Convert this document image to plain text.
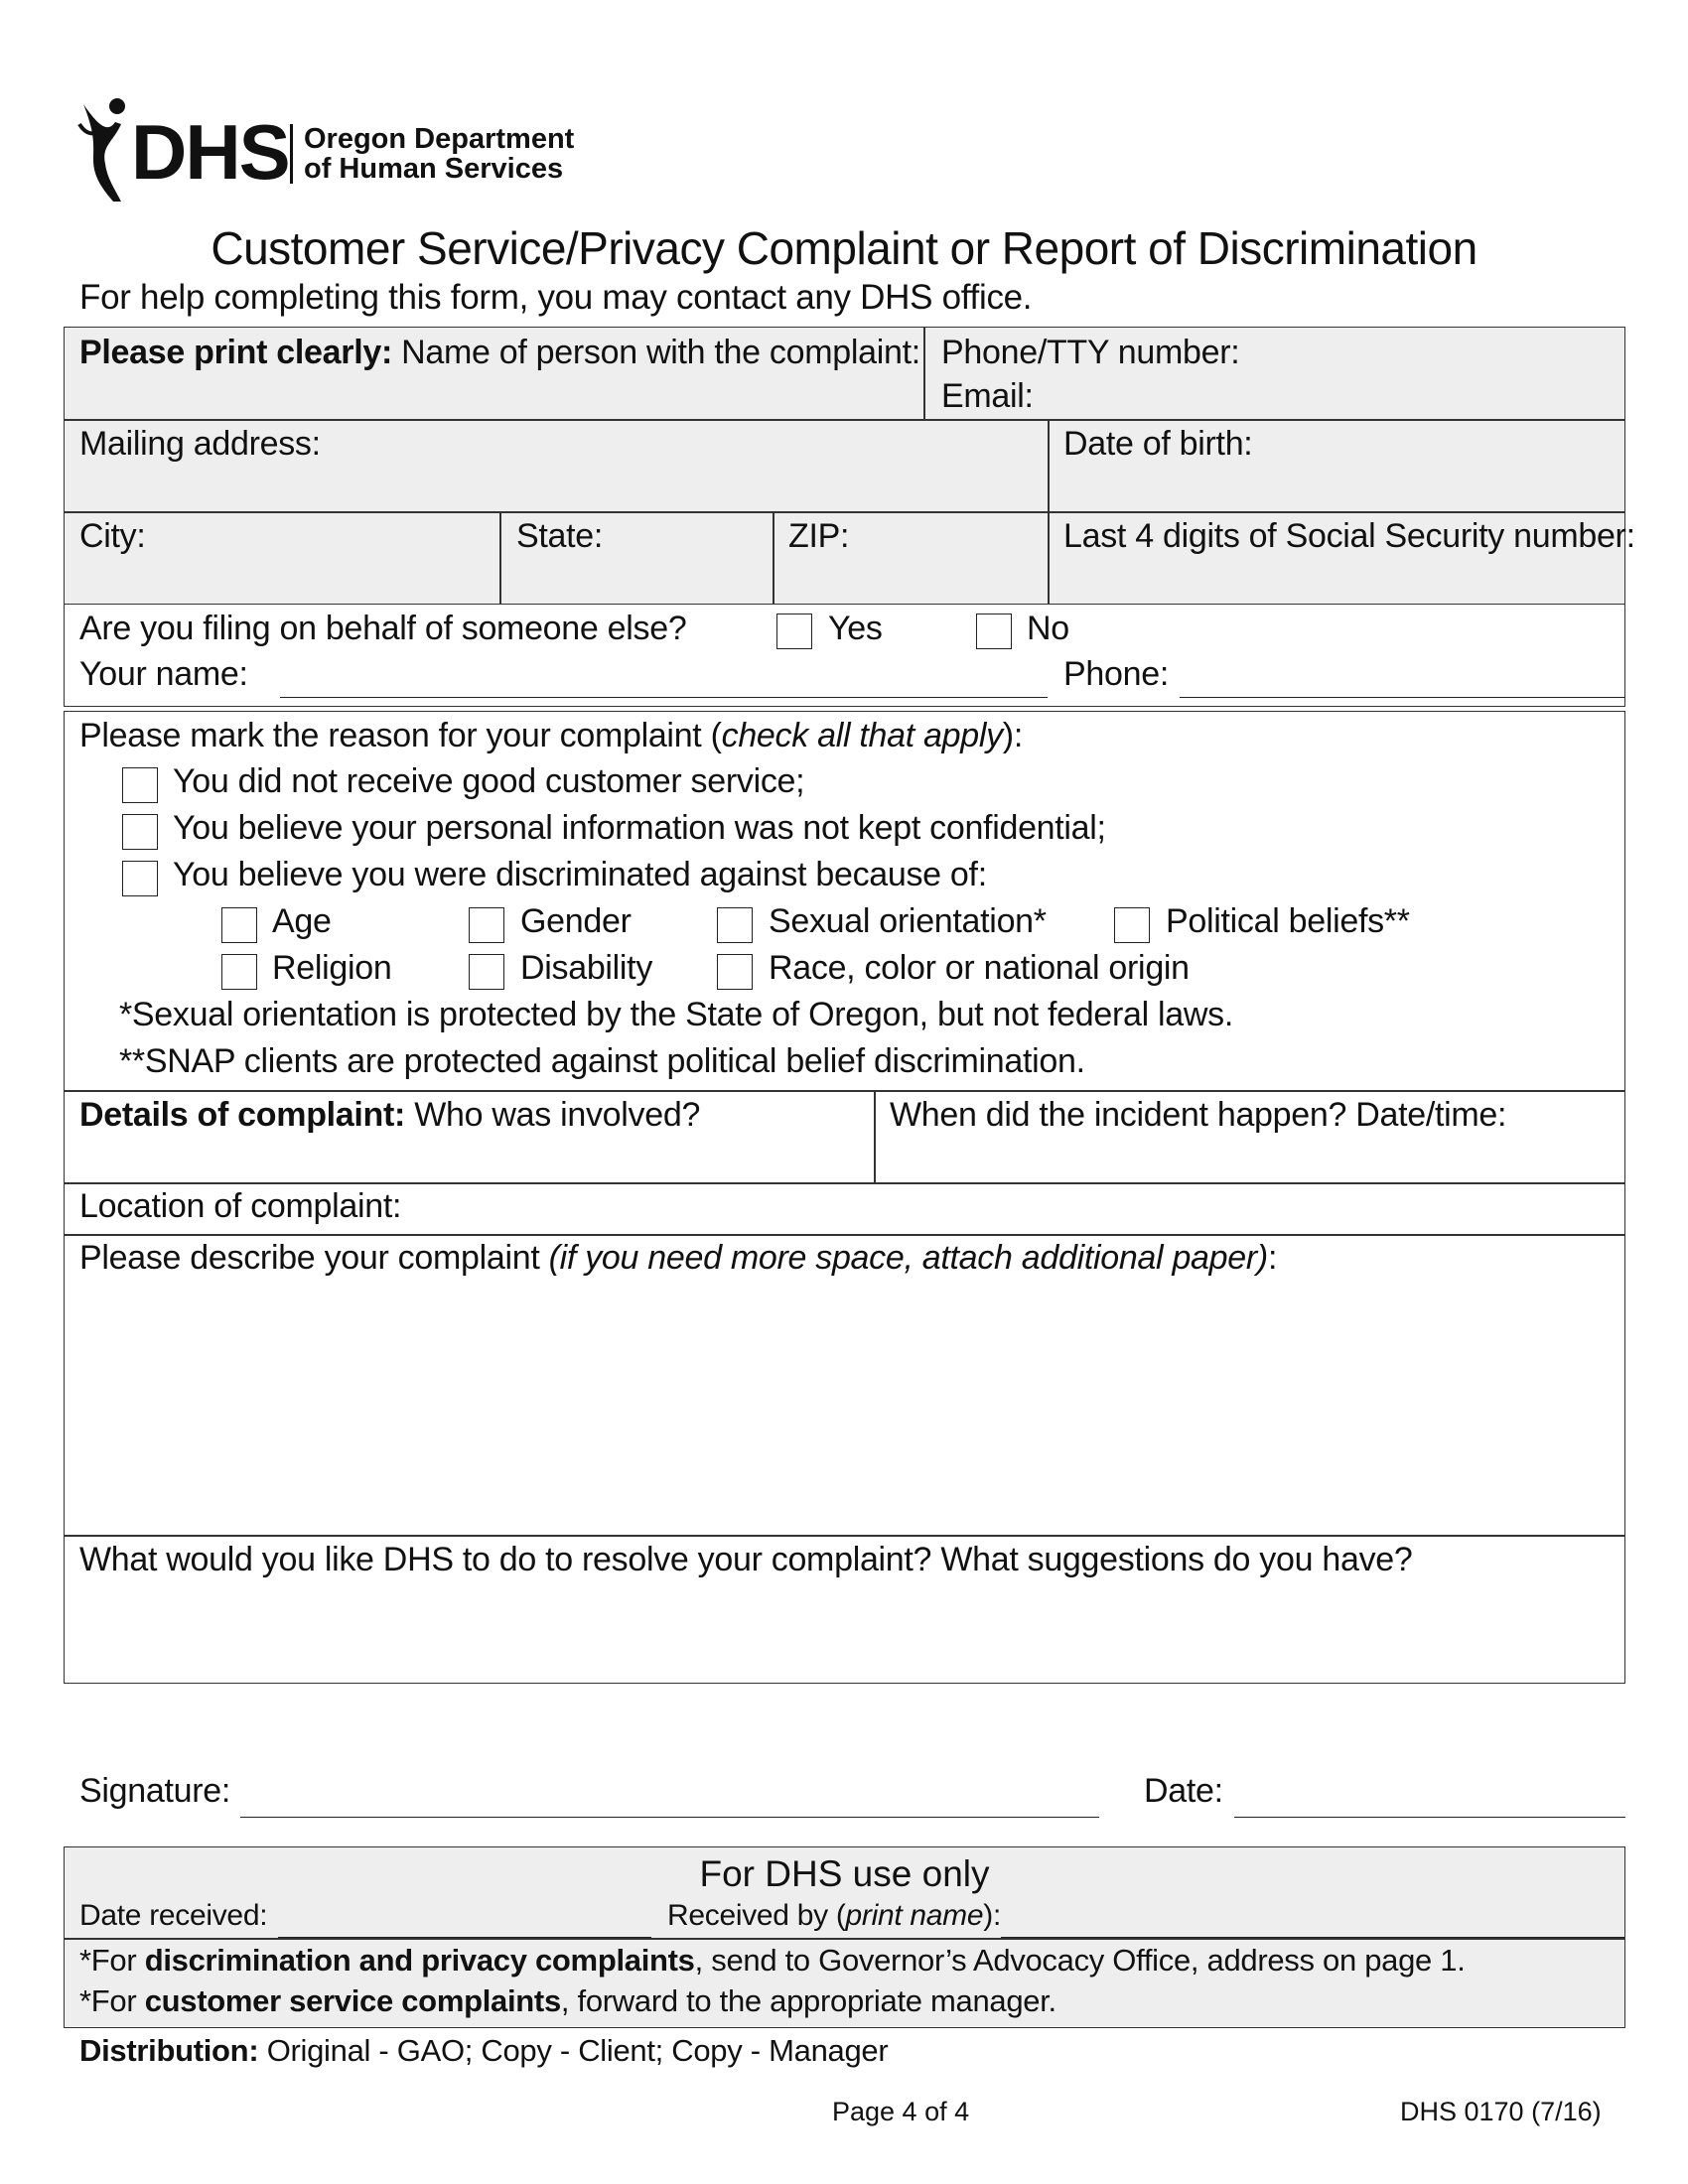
DHS Oregon Department
of Human Services
Customer Service/Privacy Complaint or Report of Discrimination
For help completing this form, you may contact any DHS office.
Please print clearly: Name of person with the complaint: Phone/TTY number:
Email:
Mailing address:	Date of birth:
City:	State:	ZIP:	Last 4 digits of Social Security number:
Are you filing on behalf of someone else?	Yes	No
Your name:	Phone:
Please mark the reason for your complaint (check all that apply):
You did not receive good customer service;
You believe your personal information was not kept confidential;
You believe you were discriminated against because of:
Age	Gender	Sexual orientation*	Political beliefs**
Religion	Disability	Race, color or national origin
*Sexual orientation is protected by the State of Oregon, but not federal laws.
**SNAP clients are protected against political belief discrimination.
Details of complaint: Who was involved?	When did the incident happen? Date/time:
Location of complaint:
Please describe your complaint (if you need more space, attach additional paper):
What would you like DHS to do to resolve your complaint? What suggestions do you have?
Signature:	Date:
For DHS use only
Date received:	Received by (print name):
*For discrimination and privacy complaints, send to Governor’s Advocacy Office, address on page 1.
*For customer service complaints, forward to the appropriate manager.
Distribution: Original - GAO; Copy - Client; Copy - Manager
Page 4 of 4	DHS 0170 (7/16)
